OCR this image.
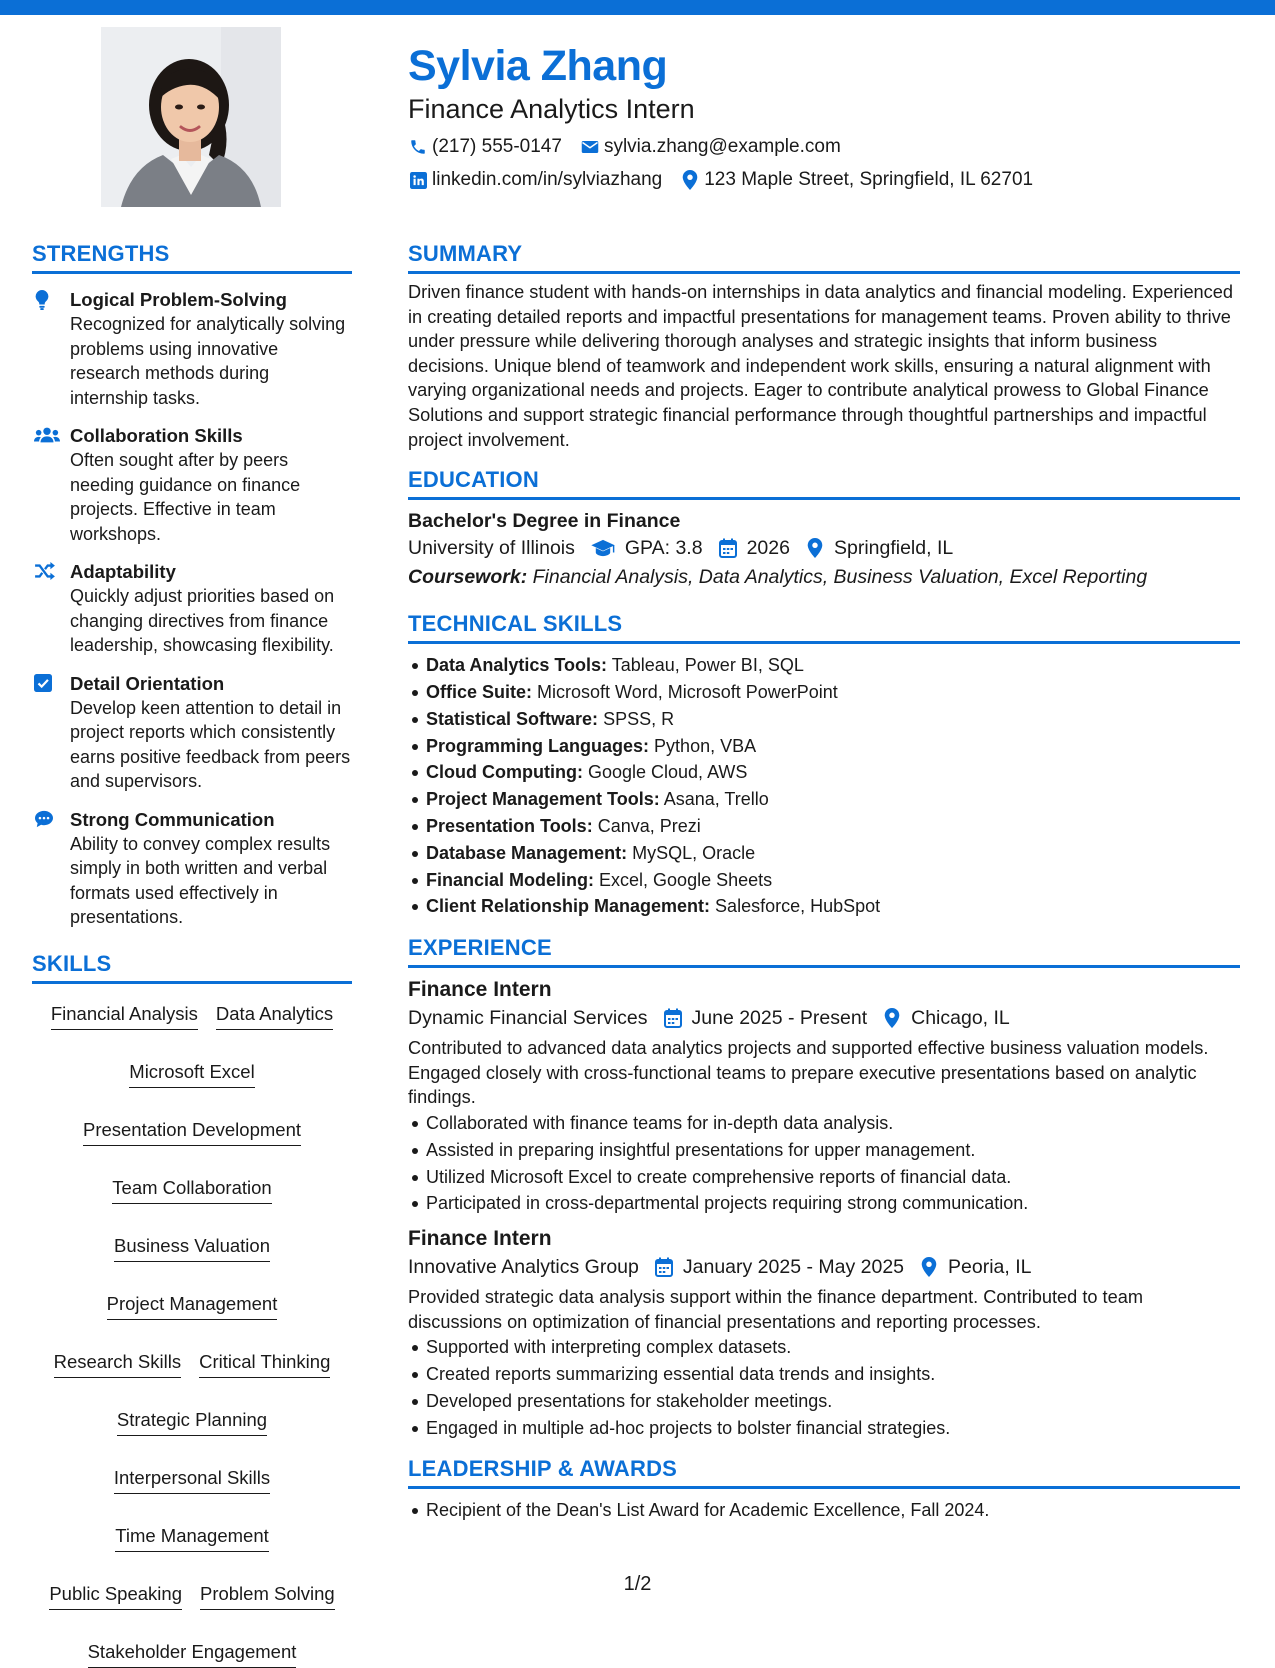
Sylvia Zhang
Finance Analytics Intern
(217) 555-0147 sylvia.zhang@example.com
linkedin.com/in/sylviazhang 123 Maple Street, Springfield, IL 62701
STRENGTHS
Logical Problem-Solving
Recognized for analytically solving problems using innovative research methods during internship tasks.
Collaboration Skills
Often sought after by peers needing guidance on finance projects. Effective in team workshops.
Adaptability
Quickly adjust priorities based on changing directives from finance leadership, showcasing flexibility.
Detail Orientation
Develop keen attention to detail in project reports which consistently earns positive feedback from peers and supervisors.
Strong Communication
Ability to convey complex results simply in both written and verbal formats used effectively in presentations.
SKILLS
Financial Analysis Data Analytics
Microsoft Excel
Presentation Development
Team Collaboration
Business Valuation
Project Management
Research Skills Critical Thinking
Strategic Planning
Interpersonal Skills
Time Management
Public Speaking Problem Solving
Stakeholder Engagement
SUMMARY
Driven finance student with hands-on internships in data analytics and financial modeling. Experienced in creating detailed reports and impactful presentations for management teams. Proven ability to thrive under pressure while delivering thorough analyses and strategic insights that inform business decisions. Unique blend of teamwork and independent work skills, ensuring a natural alignment with varying organizational needs and projects. Eager to contribute analytical prowess to Global Finance Solutions and support strategic financial performance through thoughtful partnerships and impactful project involvement.
EDUCATION
Bachelor's Degree in Finance
University of Illinois	GPA: 3.8 2026 Springfield, IL
Coursework: Financial Analysis, Data Analytics, Business Valuation, Excel Reporting
TECHNICAL SKILLS
Data Analytics Tools: Tableau, Power BI, SQL
Office Suite: Microsoft Word, Microsoft PowerPoint
Statistical Software: SPSS, R
Programming Languages: Python, VBA
Cloud Computing: Google Cloud, AWS
Project Management Tools: Asana, Trello
Presentation Tools: Canva, Prezi
Database Management: MySQL, Oracle
Financial Modeling: Excel, Google Sheets
Client Relationship Management: Salesforce, HubSpot
EXPERIENCE
Finance Intern
Dynamic Financial Services June 2025 - Present Chicago, IL
Contributed to advanced data analytics projects and supported effective business valuation models. Engaged closely with cross-functional teams to prepare executive presentations based on analytic findings.
Collaborated with finance teams for in-depth data analysis.
Assisted in preparing insightful presentations for upper management.
Utilized Microsoft Excel to create comprehensive reports of financial data.
Participated in cross-departmental projects requiring strong communication.
Finance Intern
Innovative Analytics Group January 2025 - May 2025 Peoria, IL
Provided strategic data analysis support within the finance department. Contributed to team discussions on optimization of financial presentations and reporting processes.
Supported with interpreting complex datasets.
Created reports summarizing essential data trends and insights.
Developed presentations for stakeholder meetings.
Engaged in multiple ad-hoc projects to bolster financial strategies.
LEADERSHIP & AWARDS
Recipient of the Dean's List Award for Academic Excellence, Fall 2024.
1/2
